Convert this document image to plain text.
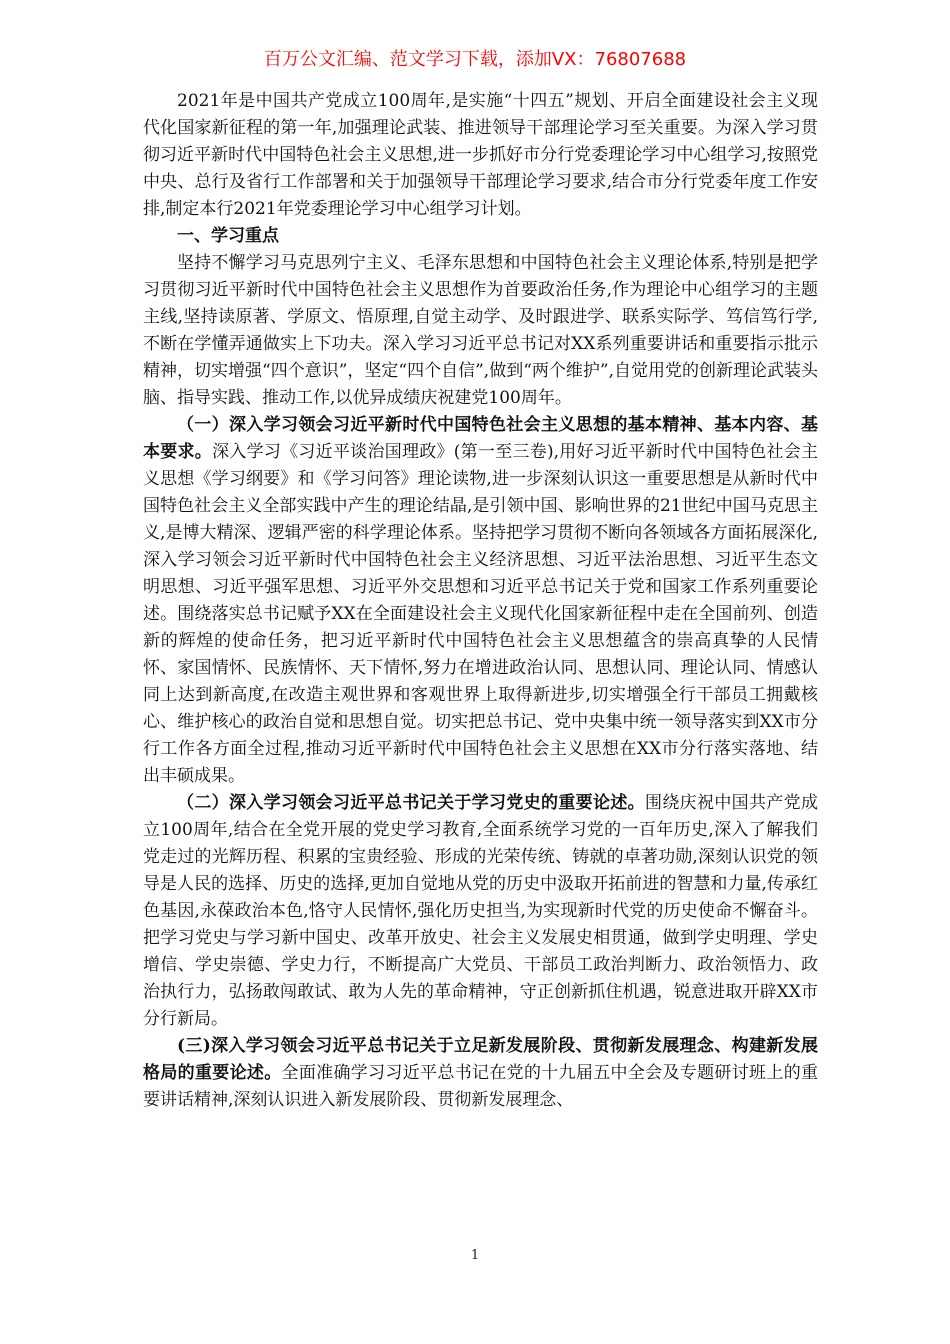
百万公文汇编、范文学习下载，添加VX：76807688

2021年是中国共产党成立100周年,是实施“十四五”规划、开启全面建设社会主义现代化国家新征程的第一年,加强理论武装、推进领导干部理论学习至关重要。为深入学习贯彻习近平新时代中国特色社会主义思想,进一步抓好市分行党委理论学习中心组学习,按照党中央、总行及省行工作部署和关于加强领导干部理论学习要求,结合市分行党委年度工作安排,制定本行2021年党委理论学习中心组学习计划。

一、学习重点

坚持不懈学习马克思列宁主义、毛泽东思想和中国特色社会主义理论体系,特别是把学习贯彻习近平新时代中国特色社会主义思想作为首要政治任务,作为理论中心组学习的主题主线,坚持读原著、学原文、悟原理,自觉主动学、及时跟进学、联系实际学、笃信笃行学,不断在学懂弄通做实上下功夫。深入学习习近平总书记对XX系列重要讲话和重要指示批示精神，切实增强“四个意识”，坚定“四个自信”,做到“两个维护”,自觉用党的创新理论武装头脑、指导实践、推动工作,以优异成绩庆祝建党100周年。

（一）深入学习领会习近平新时代中国特色社会主义思想的基本精神、基本内容、基本要求。深入学习《习近平谈治国理政》(第一至三卷),用好习近平新时代中国特色社会主义思想《学习纲要》和《学习问答》理论读物,进一步深刻认识这一重要思想是从新时代中国特色社会主义全部实践中产生的理论结晶,是引领中国、影响世界的21世纪中国马克思主义,是博大精深、逻辑严密的科学理论体系。坚持把学习贯彻不断向各领域各方面拓展深化,深入学习领会习近平新时代中国特色社会主义经济思想、习近平法治思想、习近平生态文明思想、习近平强军思想、习近平外交思想和习近平总书记关于党和国家工作系列重要论述。围绕落实总书记赋予XX在全面建设社会主义现代化国家新征程中走在全国前列、创造新的辉煌的使命任务，把习近平新时代中国特色社会主义思想蕴含的崇高真挚的人民情怀、家国情怀、民族情怀、天下情怀,努力在增进政治认同、思想认同、理论认同、情感认同上达到新高度,在改造主观世界和客观世界上取得新进步,切实增强全行干部员工拥戴核心、维护核心的政治自觉和思想自觉。切实把总书记、党中央集中统一领导落实到XX市分行工作各方面全过程,推动习近平新时代中国特色社会主义思想在XX市分行落实落地、结出丰硕成果。

（二）深入学习领会习近平总书记关于学习党史的重要论述。围绕庆祝中国共产党成立100周年,结合在全党开展的党史学习教育,全面系统学习党的一百年历史,深入了解我们党走过的光辉历程、积累的宝贵经验、形成的光荣传统、铸就的卓著功勋,深刻认识党的领导是人民的选择、历史的选择,更加自觉地从党的历史中汲取开拓前进的智慧和力量,传承红色基因,永葆政治本色,恪守人民情怀,强化历史担当,为实现新时代党的历史使命不懈奋斗。把学习党史与学习新中国史、改革开放史、社会主义发展史相贯通，做到学史明理、学史增信、学史崇德、学史力行，不断提高广大党员、干部员工政治判断力、政治领悟力、政治执行力，弘扬敢闯敢试、敢为人先的革命精神，守正创新抓住机遇，锐意进取开辟XX市分行新局。

(三)深入学习领会习近平总书记关于立足新发展阶段、贯彻新发展理念、构建新发展格局的重要论述。全面准确学习习近平总书记在党的十九届五中全会及专题研讨班上的重要讲话精神,深刻认识进入新发展阶段、贯彻新发展理念、

1
